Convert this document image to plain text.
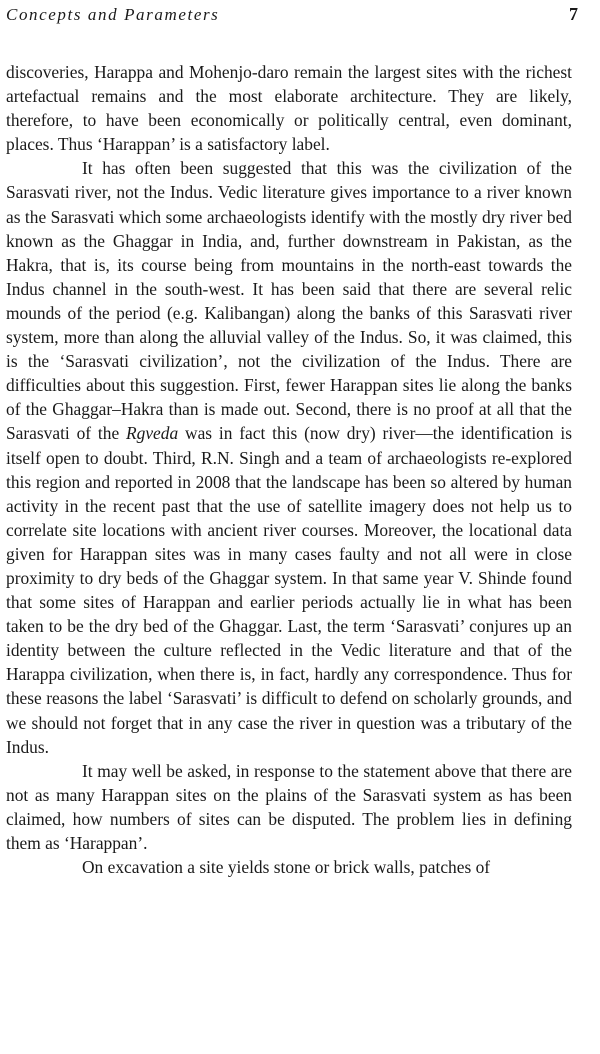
Concepts and Parameters	7

discoveries, Harappa and Mohenjo-daro remain the largest sites with the richest artefactual remains and the most elaborate architecture. They are likely, therefore, to have been economically or politically central, even dominant, places. Thus ‘Harappan’ is a satisfactory label.

It has often been suggested that this was the civilization of the Sarasvati river, not the Indus. Vedic literature gives importance to a river known as the Sarasvati which some archaeologists identify with the mostly dry river bed known as the Ghaggar in India, and, further downstream in Pakistan, as the Hakra, that is, its course being from mountains in the north-east towards the Indus channel in the south-west. It has been said that there are several relic mounds of the period (e.g. Kalibangan) along the banks of this Sarasvati river system, more than along the alluvial valley of the Indus. So, it was claimed, this is the ‘Sarasvati civilization’, not the civilization of the Indus. There are difficulties about this suggestion. First, fewer Harappan sites lie along the banks of the Ghaggar–Hakra than is made out. Second, there is no proof at all that the Sarasvati of the Rgveda was in fact this (now dry) river—the identification is itself open to doubt. Third, R.N. Singh and a team of archaeologists re-explored this region and reported in 2008 that the landscape has been so altered by human activity in the recent past that the use of satellite imagery does not help us to correlate site locations with ancient river courses. Moreover, the locational data given for Harappan sites was in many cases faulty and not all were in close proximity to dry beds of the Ghaggar system. In that same year V. Shinde found that some sites of Harappan and earlier periods actually lie in what has been taken to be the dry bed of the Ghaggar. Last, the term ‘Sarasvati’ conjures up an identity between the culture reflected in the Vedic literature and that of the Harappa civilization, when there is, in fact, hardly any correspondence. Thus for these reasons the label ‘Sarasvati’ is difficult to defend on scholarly grounds, and we should not forget that in any case the river in question was a tributary of the Indus.

It may well be asked, in response to the statement above that there are not as many Harappan sites on the plains of the Sarasvati system as has been claimed, how numbers of sites can be disputed. The problem lies in defining them as ‘Harappan’.

On excavation a site yields stone or brick walls, patches of
